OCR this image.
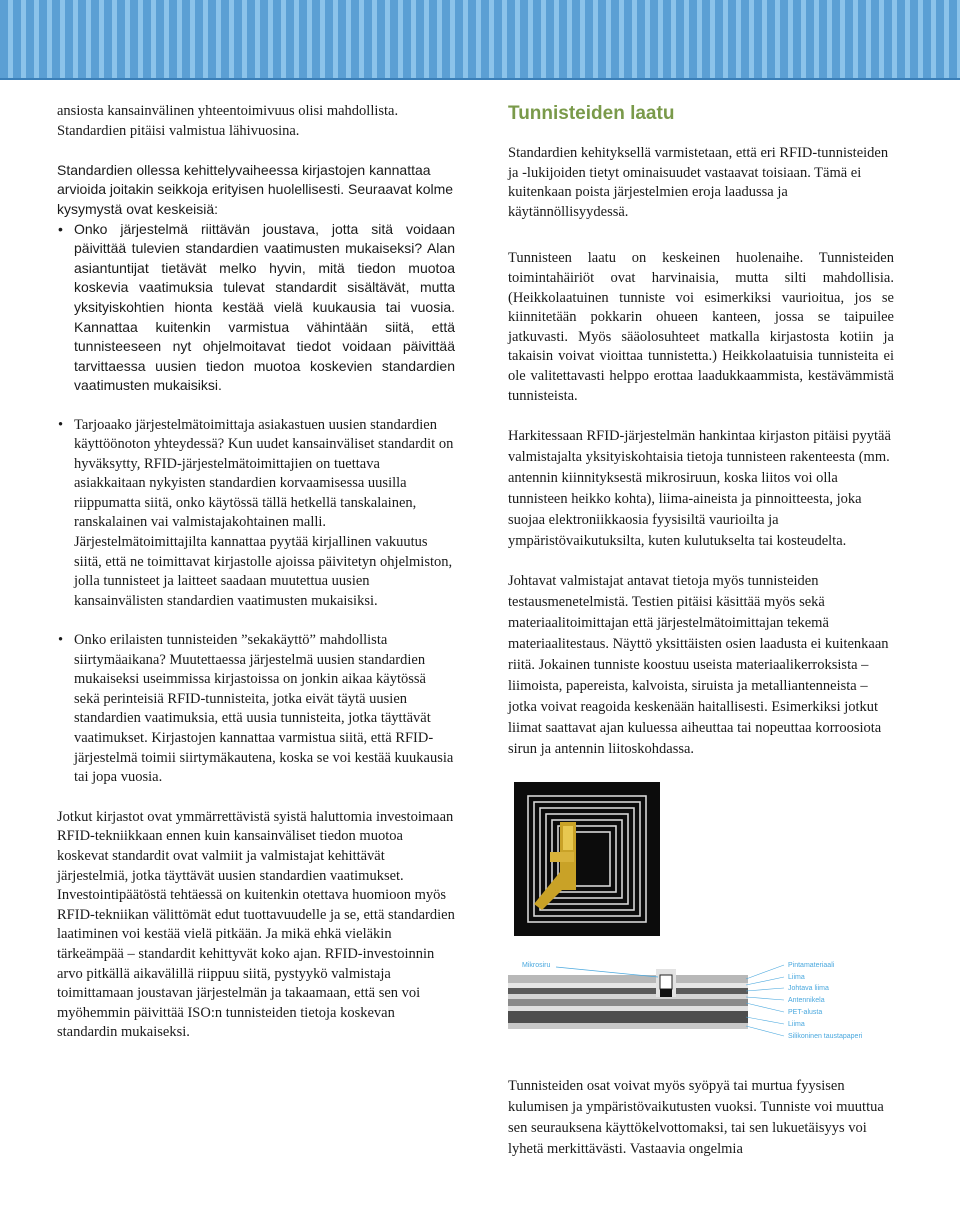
ansiosta kansainvälinen yhteentoimivuus olisi mahdollista. Standardien pitäisi valmistua lähivuosina.

Standardien ollessa kehittelyvaiheessa kirjastojen kannattaa arvioida joitakin seikkoja erityisen huolellisesti. Seuraavat kolme kysymystä ovat keskeisiä:

• Onko järjestelmä riittävän joustava, jotta sitä voidaan päivittää tulevien standardien vaatimusten mukaiseksi? Alan asiantuntijat tietävät melko hyvin, mitä tiedon muotoa koskevia vaatimuksia tulevat standardit sisältävät, mutta yksityiskohtien hionta kestää vielä kuukausia tai vuosia. Kannattaa kuitenkin varmistua vähintään siitä, että tunnisteeseen nyt ohjelmoitavat tiedot voidaan päivittää tarvittaessa uusien tiedon muotoa koskevien standardien vaatimusten mukaisiksi.
• Tarjoaako järjestelmätoimittaja asiakastuen uusien standardien käyttöönoton yhteydessä? Kun uudet kansainväliset standardit on hyväksytty, RFID-järjestelmätoimittajien on tuettava asiakkaitaan nykyisten standardien korvaamisessa uusilla riippumatta siitä, onko käytössä tällä hetkellä tanskalainen, ranskalainen vai valmistajakohtainen malli. Järjestelmätoimittajilta kannattaa pyytää kirjallinen vakuutus siitä, että ne toimittavat kirjastolle ajoissa päivitetyn ohjelmiston, jolla tunnisteet ja laitteet saadaan muutettua uusien kansainvälisten standardien vaatimusten mukaisiksi.
• Onko erilaisten tunnisteiden ”sekakäyttö” mahdollista siirtymäaikana? Muutettaessa järjestelmä uusien standardien mukaiseksi useimmissa kirjastoissa on jonkin aikaa käytössä sekä perinteisiä RFID-tunnisteita, jotka eivät täytä uusien standardien vaatimuksia, että uusia tunnisteita, jotka täyttävät vaatimukset. Kirjastojen kannattaa varmistua siitä, että RFID-järjestelmä toimii siirtymäkautena, koska se voi kestää kuukausia tai jopa vuosia.

Jotkut kirjastot ovat ymmärrettävistä syistä haluttomia investoimaan RFID-tekniikkaan ennen kuin kansainväliset tiedon muotoa koskevat standardit ovat valmiit ja valmistajat kehittävät järjestelmiä, jotka täyttävät uusien standardien vaatimukset. Investointipäätöstä tehtäessä on kuitenkin otettava huomioon myös RFID-tekniikan välittömät edut tuottavuudelle ja se, että standardien laatiminen voi kestää vielä pitkään. Ja mikä ehkä vieläkin tärkeämpää – standardit kehittyvät koko ajan. RFID-investoinnin arvo pitkällä aikavälillä riippuu siitä, pystyykö valmistaja toimittamaan joustavan järjestelmän ja takaamaan, että sen voi myöhemmin päivittää ISO:n tunnisteiden tietoja koskevan standardin mukaiseksi.

Tunnisteiden laatu

Standardien kehityksellä varmistetaan, että eri RFID-tunnisteiden ja -lukijoiden tietyt ominaisuudet vastaavat toisiaan. Tämä ei kuitenkaan poista järjestelmien eroja laadussa ja käytännöllisyydessä.

Tunnisteen laatu on keskeinen huolenaihe. Tunnisteiden toimintahäiriöt ovat harvinaisia, mutta silti mahdollisia. (Heikkolaatuinen tunniste voi esimerkiksi vaurioitua, jos se kiinnitetään pokkarin ohueen kanteen, jossa se taipuilee jatkuvasti. Myös sääolosuhteet matkalla kirjastosta kotiin ja takaisin voivat vioittaa tunnistetta.) Heikkolaatuisia tunnisteita ei ole valitettavasti helppo erottaa laadukkaammista, kestävämmistä tunnisteista.

Harkitessaan RFID-järjestelmän hankintaa kirjaston pitäisi pyytää valmistajalta yksityiskohtaisia tietoja tunnisteen rakenteesta (mm. antennin kiinnityksestä mikrosiruun, koska liitos voi olla tunnisteen heikko kohta), liima-aineista ja pinnoitteesta, joka suojaa elektroniikkaosia fyysisiltä vaurioilta ja ympäristövaikutuksilta, kuten kulutukselta tai kosteudelta.

Johtavat valmistajat antavat tietoja myös tunnisteiden testausmenetelmistä. Testien pitäisi käsittää myös sekä materiaalitoimittajan että järjestelmätoimittajan tekemä materiaalitestaus. Näyttö yksittäisten osien laadusta ei kuitenkaan riitä. Jokainen tunniste koostuu useista materiaalikerroksista – liimoista, papereista, kalvoista, siruista ja metalliantenneista – jotka voivat reagoida keskenään haitallisesti. Esimerkiksi jotkut liimat saattavat ajan kuluessa aiheuttaa tai nopeuttaa korroosiota sirun ja antennin liitoskohdassa.

Mikrosiru	Pintamateriaali
Liima
Johtava liima
Antennikela
PET-alusta
Liima
Silikoninen taustapaperi

Tunnisteiden osat voivat myös syöpyä tai murtua fyysisen kulumisen ja ympäristövaikutusten vuoksi. Tunniste voi muuttua sen seurauksena käyttökelvottomaksi, tai sen lukuetäisyys voi lyhetä merkittävästi. Vastaavia ongelmia
